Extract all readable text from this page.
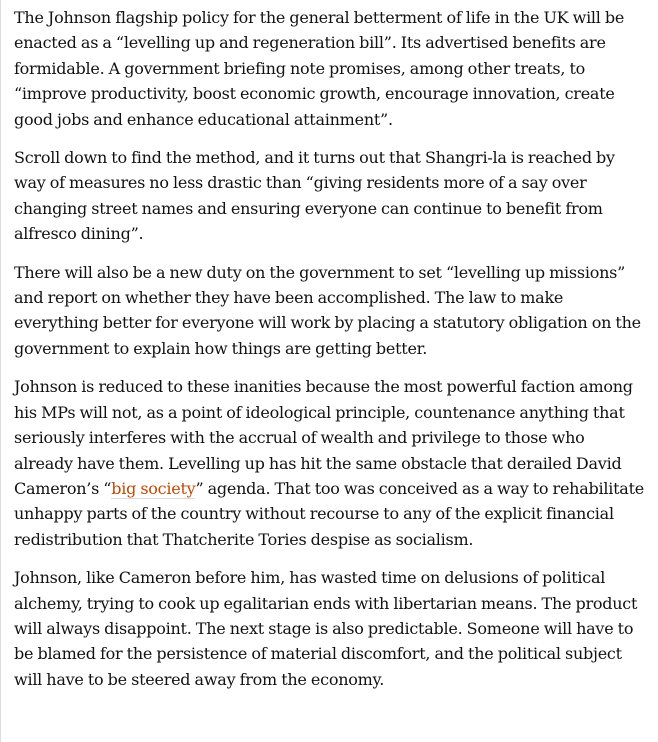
The Johnson flagship policy for the general betterment of life in the UK will be enacted as a “levelling up and regeneration bill”. Its advertised benefits are formidable. A government briefing note promises, among other treats, to “improve productivity, boost economic growth, encourage innovation, create good jobs and enhance educational attainment”.

Scroll down to find the method, and it turns out that Shangri-la is reached by way of measures no less drastic than “giving residents more of a say over changing street names and ensuring everyone can continue to benefit from alfresco dining”.

There will also be a new duty on the government to set “levelling up missions” and report on whether they have been accomplished. The law to make everything better for everyone will work by placing a statutory obligation on the government to explain how things are getting better.

Johnson is reduced to these inanities because the most powerful faction among his MPs will not, as a point of ideological principle, countenance anything that seriously interferes with the accrual of wealth and privilege to those who already have them. Levelling up has hit the same obstacle that derailed David Cameron’s “big society” agenda. That too was conceived as a way to rehabilitate unhappy parts of the country without recourse to any of the explicit financial redistribution that Thatcherite Tories despise as socialism.

Johnson, like Cameron before him, has wasted time on delusions of political alchemy, trying to cook up egalitarian ends with libertarian means. The product will always disappoint. The next stage is also predictable. Someone will have to be blamed for the persistence of material discomfort, and the political subject will have to be steered away from the economy.
